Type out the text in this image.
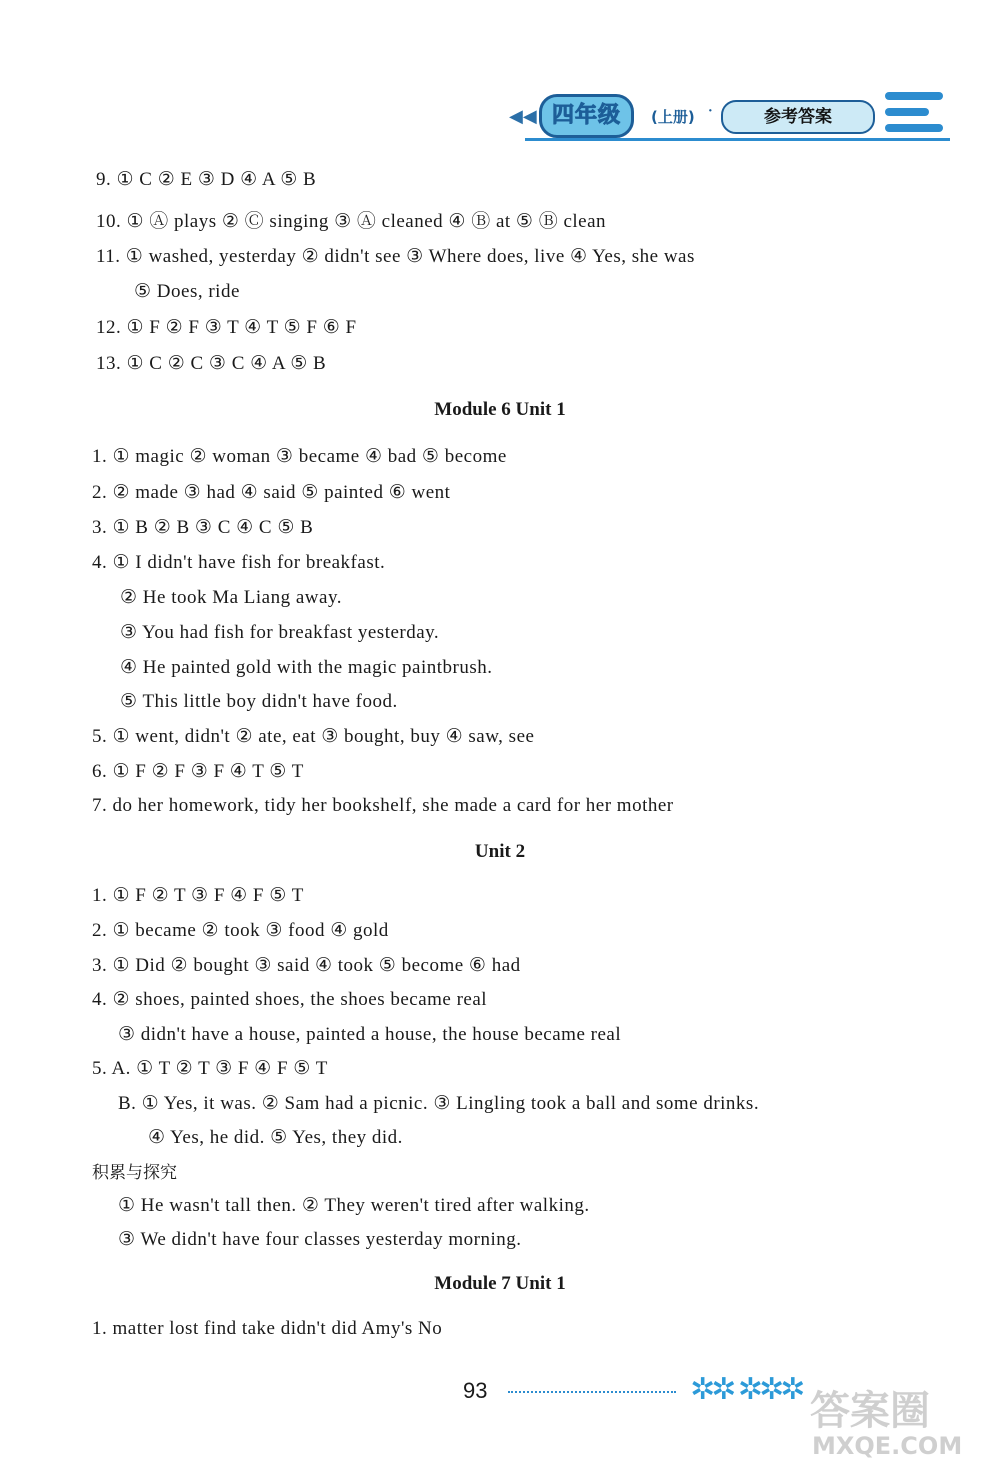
◀◀ 四年级	(上册) ·	参考答案
9. ① C ② E ③ D ④ A ⑤ B
10. ① Ⓐ plays ② Ⓒ singing ③ Ⓐ cleaned ④ Ⓑ at ⑤ Ⓑ clean
11. ① washed, yesterday ② didn't see ③ Where does, live ④ Yes, she was
⑤ Does, ride
12. ① F ② F ③ T ④ T ⑤ F ⑥ F
13. ① C ② C ③ C ④ A ⑤ B
Module 6 Unit 1
1. ① magic ② woman ③ became ④ bad ⑤ become
2. ② made ③ had ④ said ⑤ painted ⑥ went
3. ① B ② B ③ C ④ C ⑤ B
4. ① I didn't have fish for breakfast.
② He took Ma Liang away.
③ You had fish for breakfast yesterday.
④ He painted gold with the magic paintbrush.
⑤ This little boy didn't have food.
5. ① went, didn't ② ate, eat ③ bought, buy ④ saw, see
6. ① F ② F ③ F ④ T ⑤ T
7. do her homework, tidy her bookshelf, she made a card for her mother
Unit 2
1. ① F ② T ③ F ④ F ⑤ T
2. ① became ② took ③ food ④ gold
3. ① Did ② bought ③ said ④ took ⑤ become ⑥ had
4. ② shoes, painted shoes, the shoes became real
③ didn't have a house, painted a house, the house became real
5. A. ① T ② T ③ F ④ F ⑤ T
B. ① Yes, it was. ② Sam had a picnic. ③ Lingling took a ball and some drinks.
④ Yes, he did. ⑤ Yes, they did.
积累与探究
① He wasn't tall then. ② They weren't tired after walking.
③ We didn't have four classes yesterday morning.
Module 7 Unit 1
1. matter lost find take didn't did Amy's No
93	✲✲ ✲✲✲ 答案圈
MXQE.COM
